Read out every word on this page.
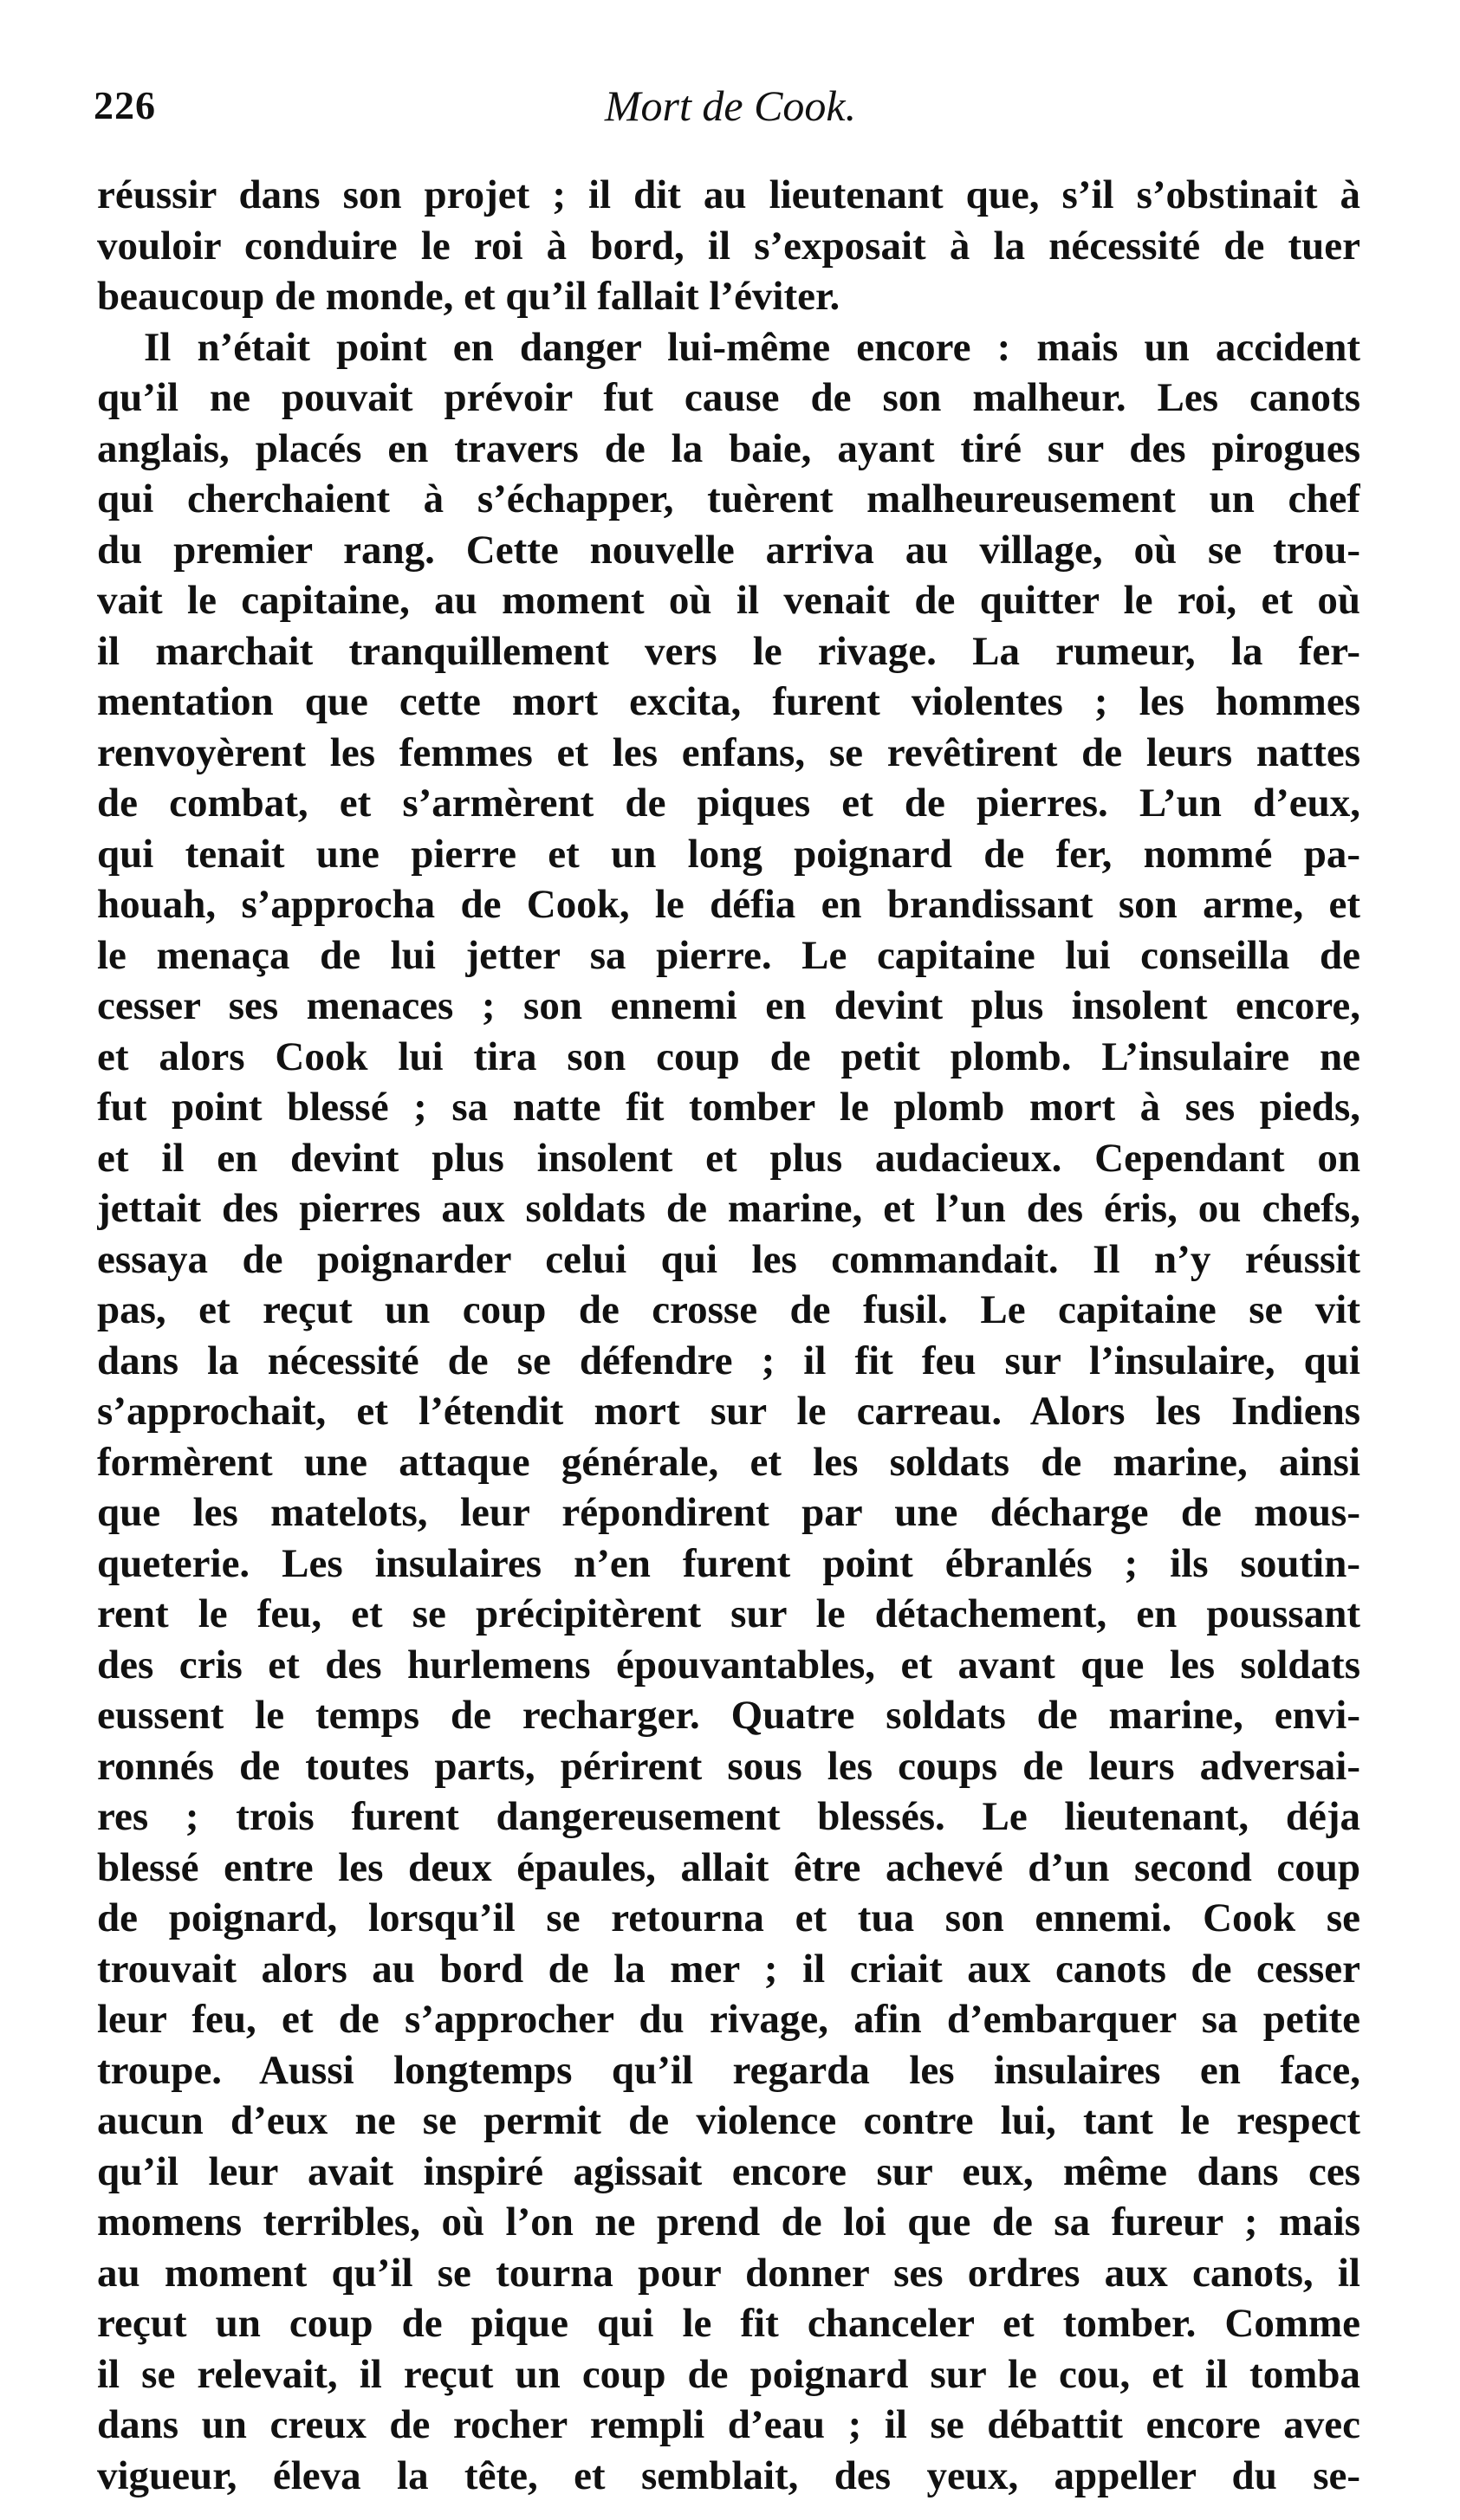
226	Mort de Cook.
réussir dans son projet ; il dit au lieutenant que, s’il s’obstinait à
vouloir conduire le roi à bord, il s’exposait à la nécessité de tuer
beaucoup de monde, et qu’il fallait l’éviter.
Il n’était point en danger lui-même encore : mais un accident
qu’il ne pouvait prévoir fut cause de son malheur. Les canots
anglais, placés en travers de la baie, ayant tiré sur des pirogues
qui cherchaient à s’échapper, tuèrent malheureusement un chef
du premier rang. Cette nouvelle arriva au village, où se trou-
vait le capitaine, au moment où il venait de quitter le roi, et où
il marchait tranquillement vers le rivage. La rumeur, la fer-
mentation que cette mort excita, furent violentes ; les hommes
renvoyèrent les femmes et les enfans, se revêtirent de leurs nattes
de combat, et s’armèrent de piques et de pierres. L’un d’eux,
qui tenait une pierre et un long poignard de fer, nommé pa-
houah, s’approcha de Cook, le défia en brandissant son arme, et
le menaça de lui jetter sa pierre. Le capitaine lui conseilla de
cesser ses menaces ; son ennemi en devint plus insolent encore,
et alors Cook lui tira son coup de petit plomb. L’insulaire ne
fut point blessé ; sa natte fit tomber le plomb mort à ses pieds,
et il en devint plus insolent et plus audacieux. Cependant on
jettait des pierres aux soldats de marine, et l’un des éris, ou chefs,
essaya de poignarder celui qui les commandait. Il n’y réussit
pas, et reçut un coup de crosse de fusil. Le capitaine se vit
dans la nécessité de se défendre ; il fit feu sur l’insulaire, qui
s’approchait, et l’étendit mort sur le carreau. Alors les Indiens
formèrent une attaque générale, et les soldats de marine, ainsi
que les matelots, leur répondirent par une décharge de mous-
queterie. Les insulaires n’en furent point ébranlés ; ils soutin-
rent le feu, et se précipitèrent sur le détachement, en poussant
des cris et des hurlemens épouvantables, et avant que les soldats
eussent le temps de recharger. Quatre soldats de marine, envi-
ronnés de toutes parts, périrent sous les coups de leurs adversai-
res ; trois furent dangereusement blessés. Le lieutenant, déja
blessé entre les deux épaules, allait être achevé d’un second coup
de poignard, lorsqu’il se retourna et tua son ennemi. Cook se
trouvait alors au bord de la mer ; il criait aux canots de cesser
leur feu, et de s’approcher du rivage, afin d’embarquer sa petite
troupe. Aussi longtemps qu’il regarda les insulaires en face,
aucun d’eux ne se permit de violence contre lui, tant le respect
qu’il leur avait inspiré agissait encore sur eux, même dans ces
momens terribles, où l’on ne prend de loi que de sa fureur ; mais
au moment qu’il se tourna pour donner ses ordres aux canots, il
reçut un coup de pique qui le fit chanceler et tomber. Comme
il se relevait, il reçut un coup de poignard sur le cou, et il tomba
dans un creux de rocher rempli d’eau ; il se débattit encore avec
vigueur, éleva la tête, et semblait, des yeux, appeller du se-
